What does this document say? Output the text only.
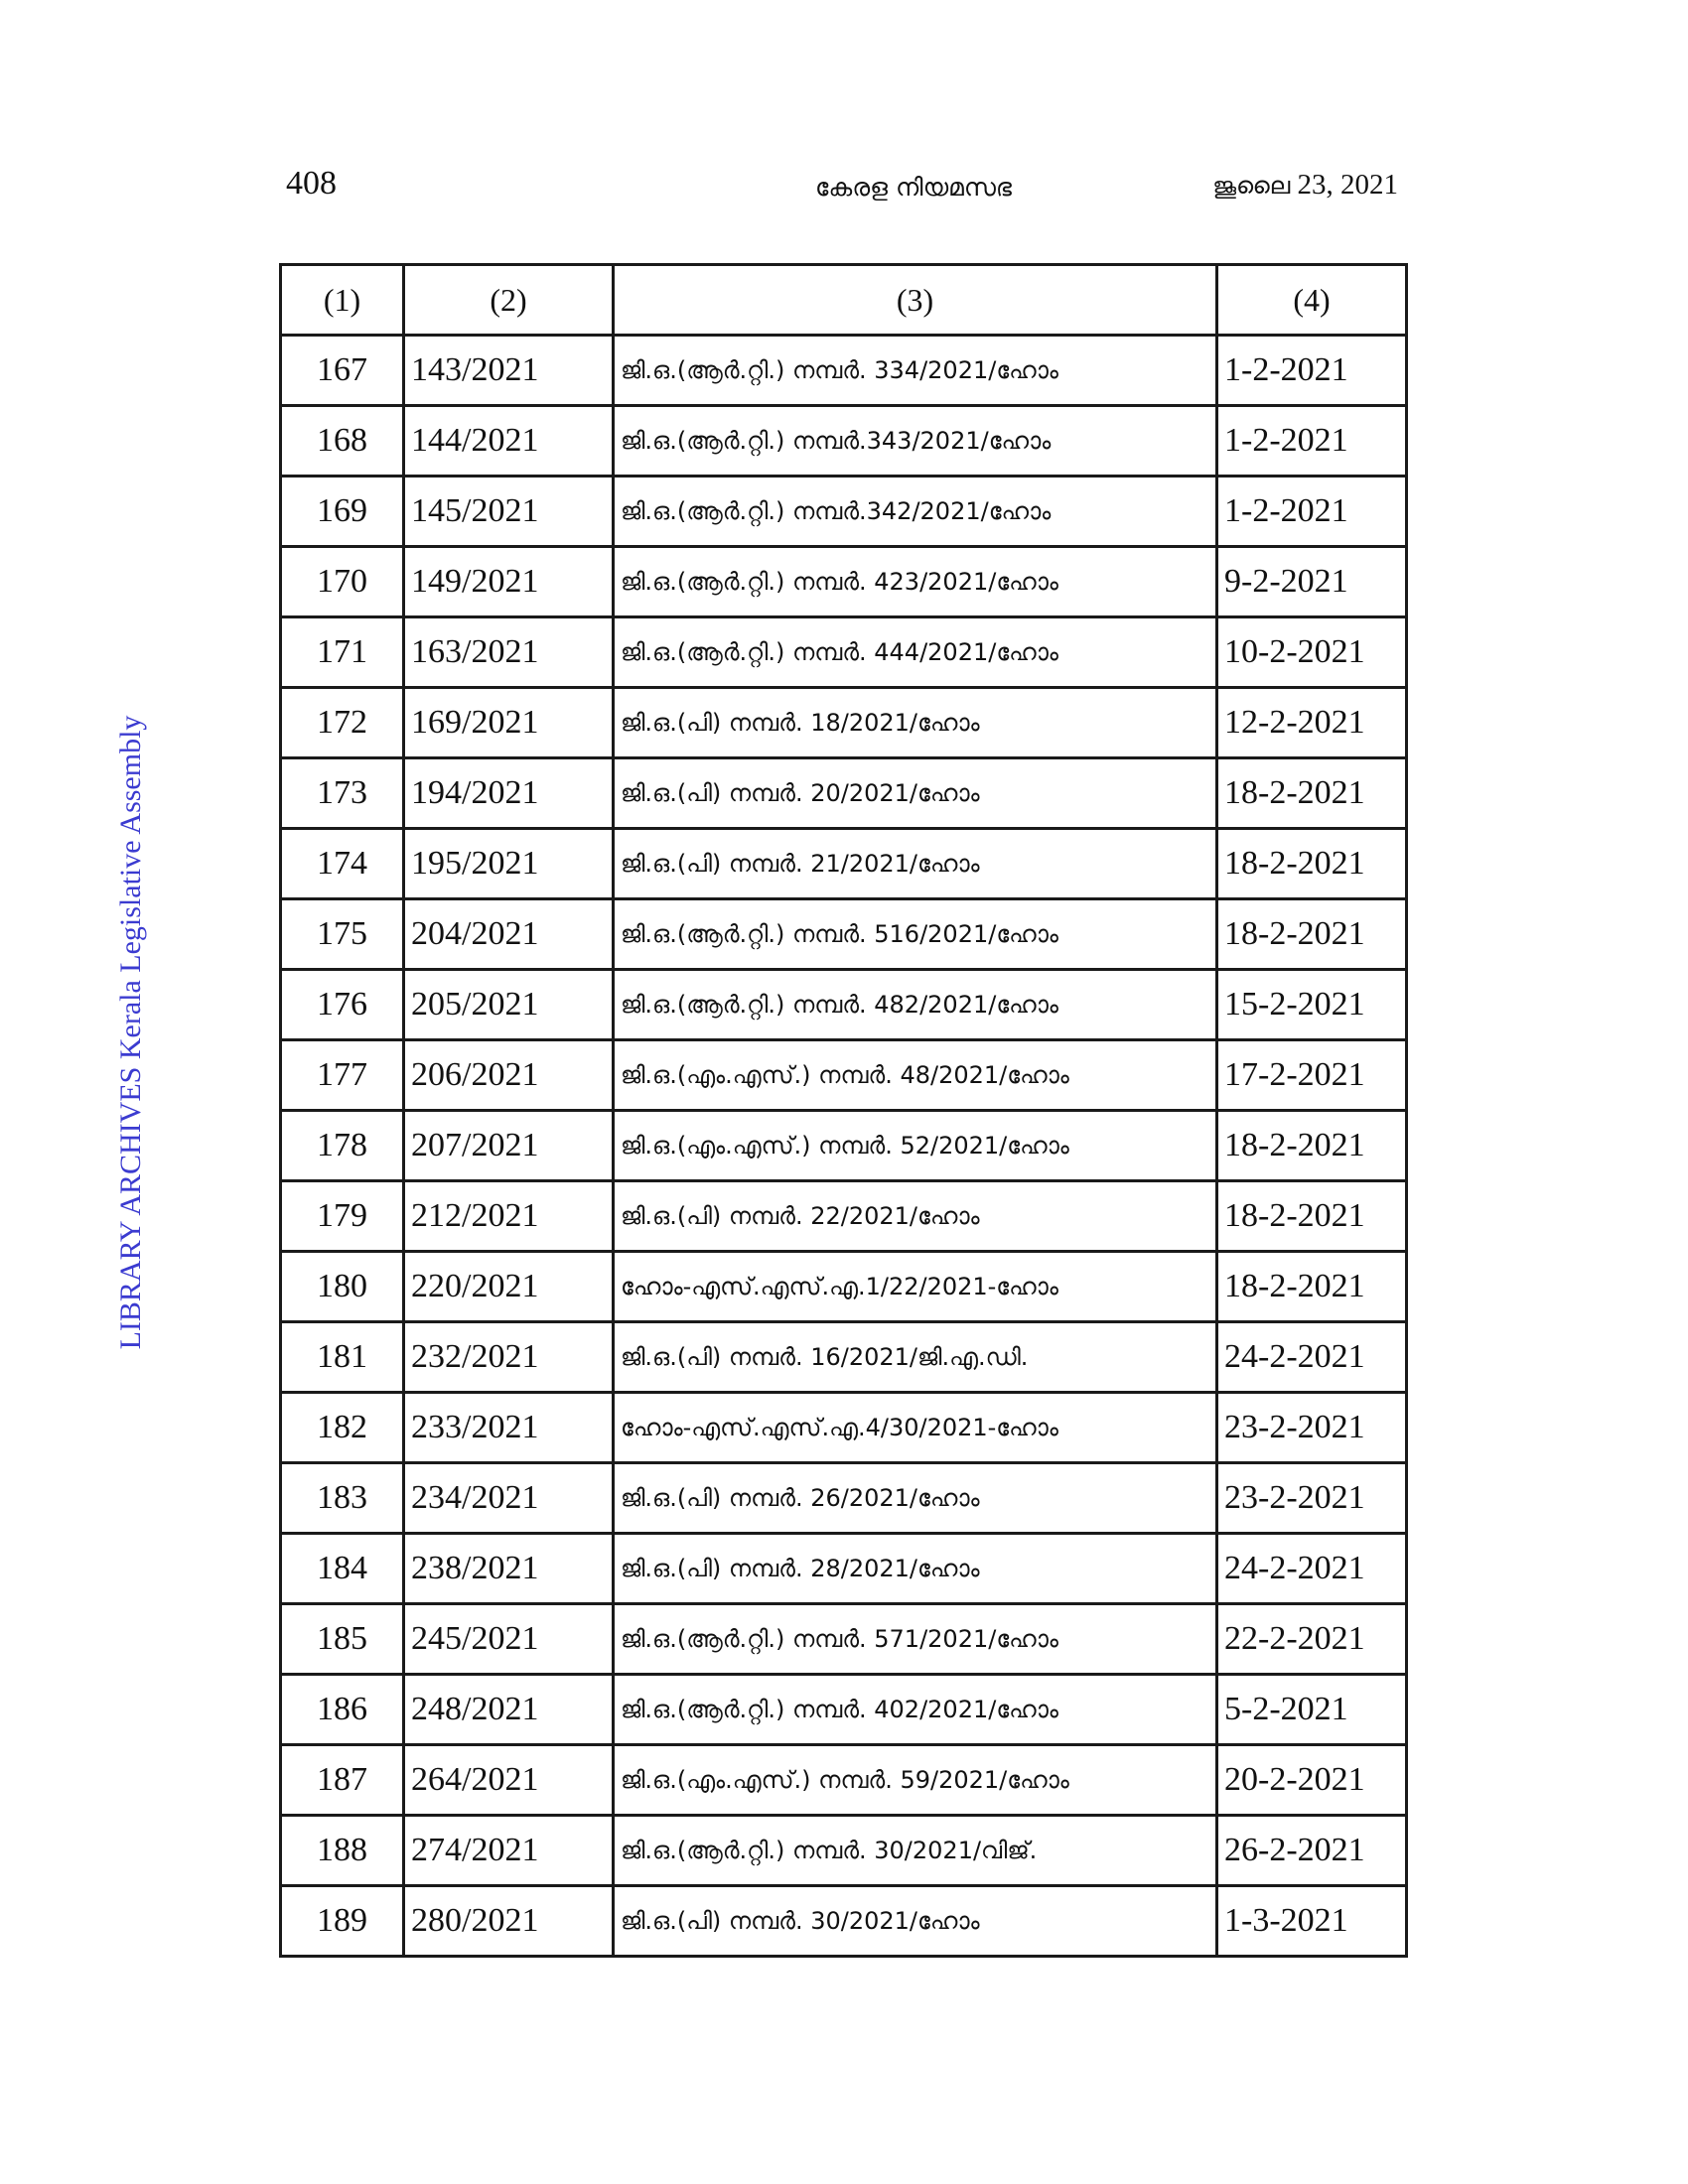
408	കേരള നിയമസഭ	ജൂലൈ 23, 2021
LIBRARY ARCHIVES Kerala Legislative Assembly
(1)	(2)	(3)	(4)
167	143/2021	ജി.ഒ.(ആർ.റ്റി.) നമ്പർ. 334/2021/ഹോം	1-2-2021
168	144/2021	ജി.ഒ.(ആർ.റ്റി.) നമ്പർ.343/2021/ഹോം	1-2-2021
169	145/2021	ജി.ഒ.(ആർ.റ്റി.) നമ്പർ.342/2021/ഹോം	1-2-2021
170	149/2021	ജി.ഒ.(ആർ.റ്റി.) നമ്പർ. 423/2021/ഹോം	9-2-2021
171	163/2021	ജി.ഒ.(ആർ.റ്റി.) നമ്പർ. 444/2021/ഹോം	10-2-2021
172	169/2021	ജി.ഒ.(പി) നമ്പർ. 18/2021/ഹോം	12-2-2021
173	194/2021	ജി.ഒ.(പി) നമ്പർ. 20/2021/ഹോം	18-2-2021
174	195/2021	ജി.ഒ.(പി) നമ്പർ. 21/2021/ഹോം	18-2-2021
175	204/2021	ജി.ഒ.(ആർ.റ്റി.) നമ്പർ. 516/2021/ഹോം	18-2-2021
176	205/2021	ജി.ഒ.(ആർ.റ്റി.) നമ്പർ. 482/2021/ഹോം	15-2-2021
177	206/2021	ജി.ഒ.(എം.എസ്.) നമ്പർ. 48/2021/ഹോം	17-2-2021
178	207/2021	ജി.ഒ.(എം.എസ്.) നമ്പർ. 52/2021/ഹോം	18-2-2021
179	212/2021	ജി.ഒ.(പി) നമ്പർ. 22/2021/ഹോം	18-2-2021
180	220/2021	ഹോം-എസ്.എസ്.എ.1/22/2021-ഹോം	18-2-2021
181	232/2021	ജി.ഒ.(പി) നമ്പർ. 16/2021/ജി.എ.ഡി.	24-2-2021
182	233/2021	ഹോം-എസ്.എസ്.എ.4/30/2021-ഹോം	23-2-2021
183	234/2021	ജി.ഒ.(പി) നമ്പർ. 26/2021/ഹോം	23-2-2021
184	238/2021	ജി.ഒ.(പി) നമ്പർ. 28/2021/ഹോം	24-2-2021
185	245/2021	ജി.ഒ.(ആർ.റ്റി.) നമ്പർ. 571/2021/ഹോം	22-2-2021
186	248/2021	ജി.ഒ.(ആർ.റ്റി.) നമ്പർ. 402/2021/ഹോം	5-2-2021
187	264/2021	ജി.ഒ.(എം.എസ്.) നമ്പർ. 59/2021/ഹോം	20-2-2021
188	274/2021	ജി.ഒ.(ആർ.റ്റി.) നമ്പർ. 30/2021/വിജ്.	26-2-2021
189	280/2021	ജി.ഒ.(പി) നമ്പർ. 30/2021/ഹോം	1-3-2021
